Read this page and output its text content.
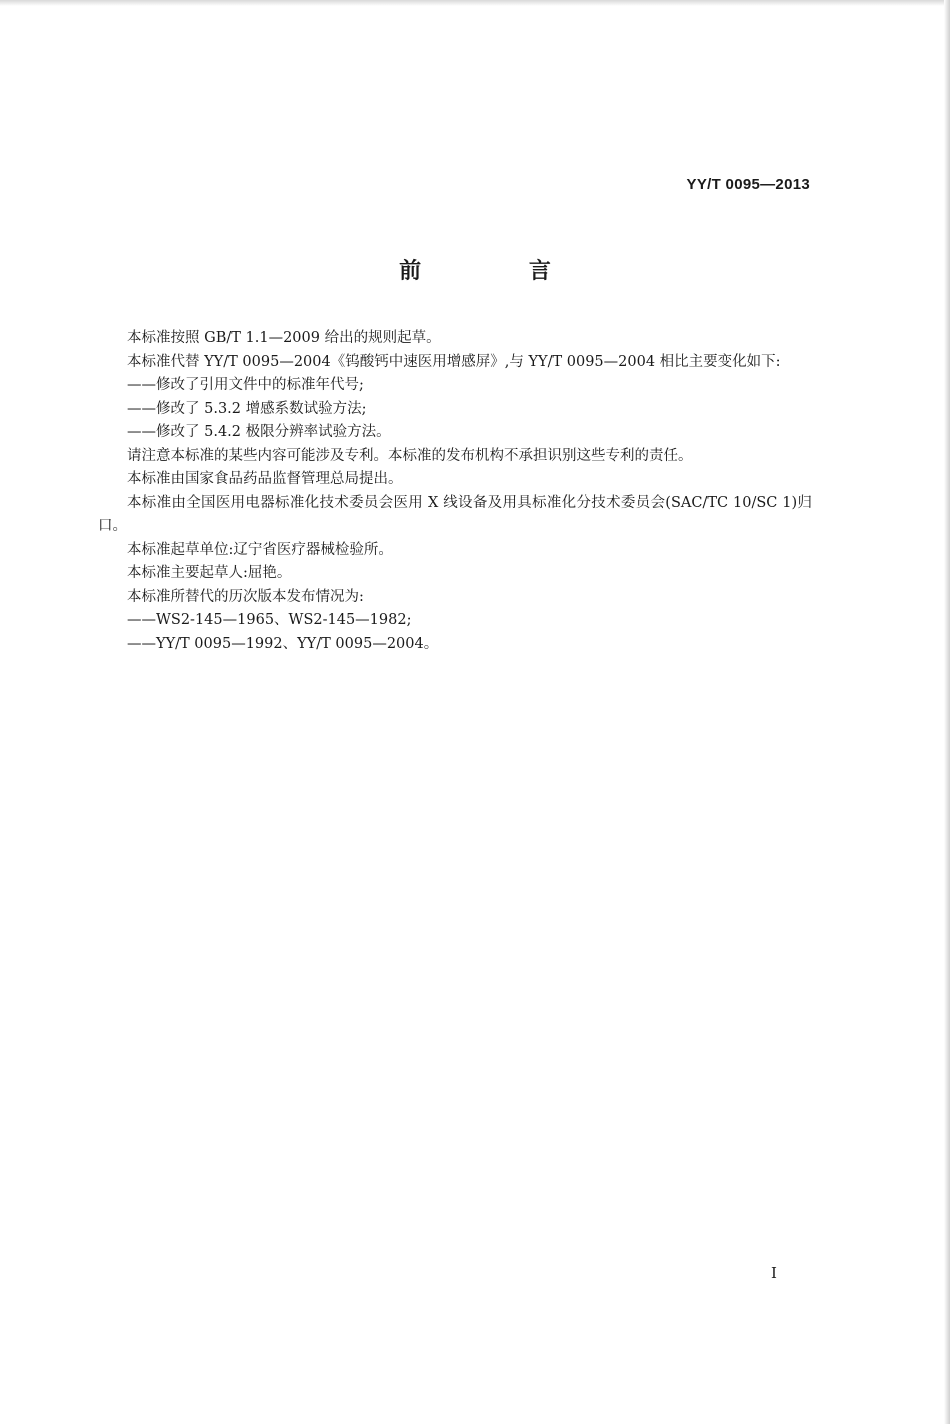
YY/T 0095—2013
前 言

本标准按照 GB/T 1.1—2009 给出的规则起草。

本标准代替 YY/T 0095—2004《钨酸钙中速医用增感屏》,与 YY/T 0095—2004 相比主要变化如下:

——修改了引用文件中的标准年代号;

——修改了 5.3.2 增感系数试验方法;

——修改了 5.4.2 极限分辨率试验方法。

请注意本标准的某些内容可能涉及专利。本标准的发布机构不承担识别这些专利的责任。

本标准由国家食品药品监督管理总局提出。

本标准由全国医用电器标准化技术委员会医用 X 线设备及用具标准化分技术委员会(SAC/TC 10/SC 1)归口。

本标准起草单位:辽宁省医疗器械检验所。

本标准主要起草人:屈艳。

本标准所替代的历次版本发布情况为:

——WS2-145—1965、WS2-145—1982;

——YY/T 0095—1992、YY/T 0095—2004。

I
